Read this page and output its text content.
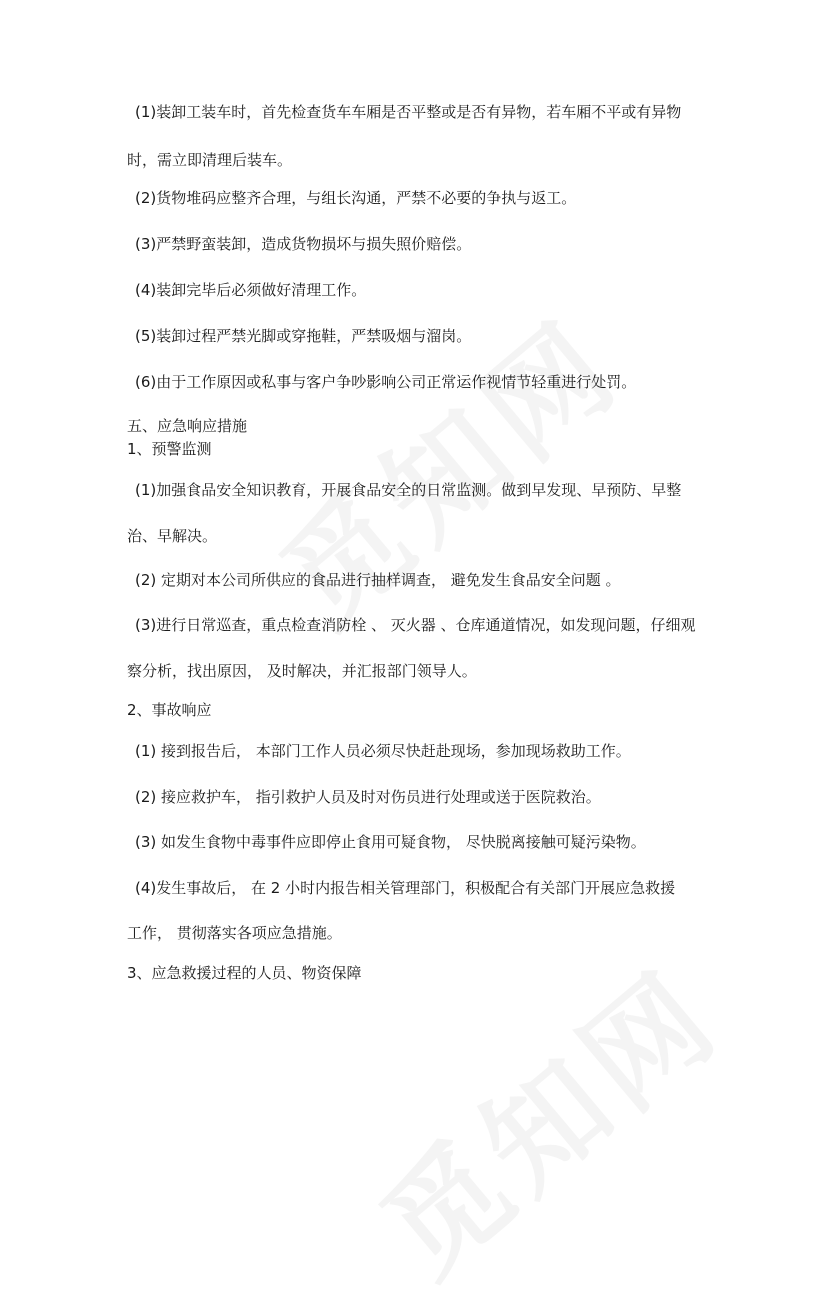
(1)装卸工装车时，首先检查货车车厢是否平整或是否有异物，若车厢不平或有异物
时，需立即清理后装车。
(2)货物堆码应整齐合理，与组长沟通，严禁不必要的争执与返工。
(3)严禁野蛮装卸，造成货物损坏与损失照价赔偿。
(4)装卸完毕后必须做好清理工作。
(5)装卸过程严禁光脚或穿拖鞋，严禁吸烟与溜岗。
(6)由于工作原因或私事与客户争吵影响公司正常运作视情节轻重进行处罚。
五、应急响应措施
1、预警监测
(1)加强食品安全知识教育，开展食品安全的日常监测。做到早发现、早预防、早整
治、早解决。
(2) 定期对本公司所供应的食品进行抽样调查， 避免发生食品安全问题 。
(3)进行日常巡查，重点检查消防栓 、 灭火器 、仓库通道情况，如发现问题，仔细观
察分析，找出原因， 及时解决，并汇报部门领导人。
2、事故响应
(1) 接到报告后， 本部门工作人员必须尽快赶赴现场，参加现场救助工作。
(2) 接应救护车， 指引救护人员及时对伤员进行处理或送于医院救治。
(3) 如发生食物中毒事件应即停止食用可疑食物， 尽快脱离接触可疑污染物。
(4)发生事故后， 在 2 小时内报告相关管理部门，积极配合有关部门开展应急救援
工作， 贯彻落实各项应急措施。
3、应急救援过程的人员、物资保障
